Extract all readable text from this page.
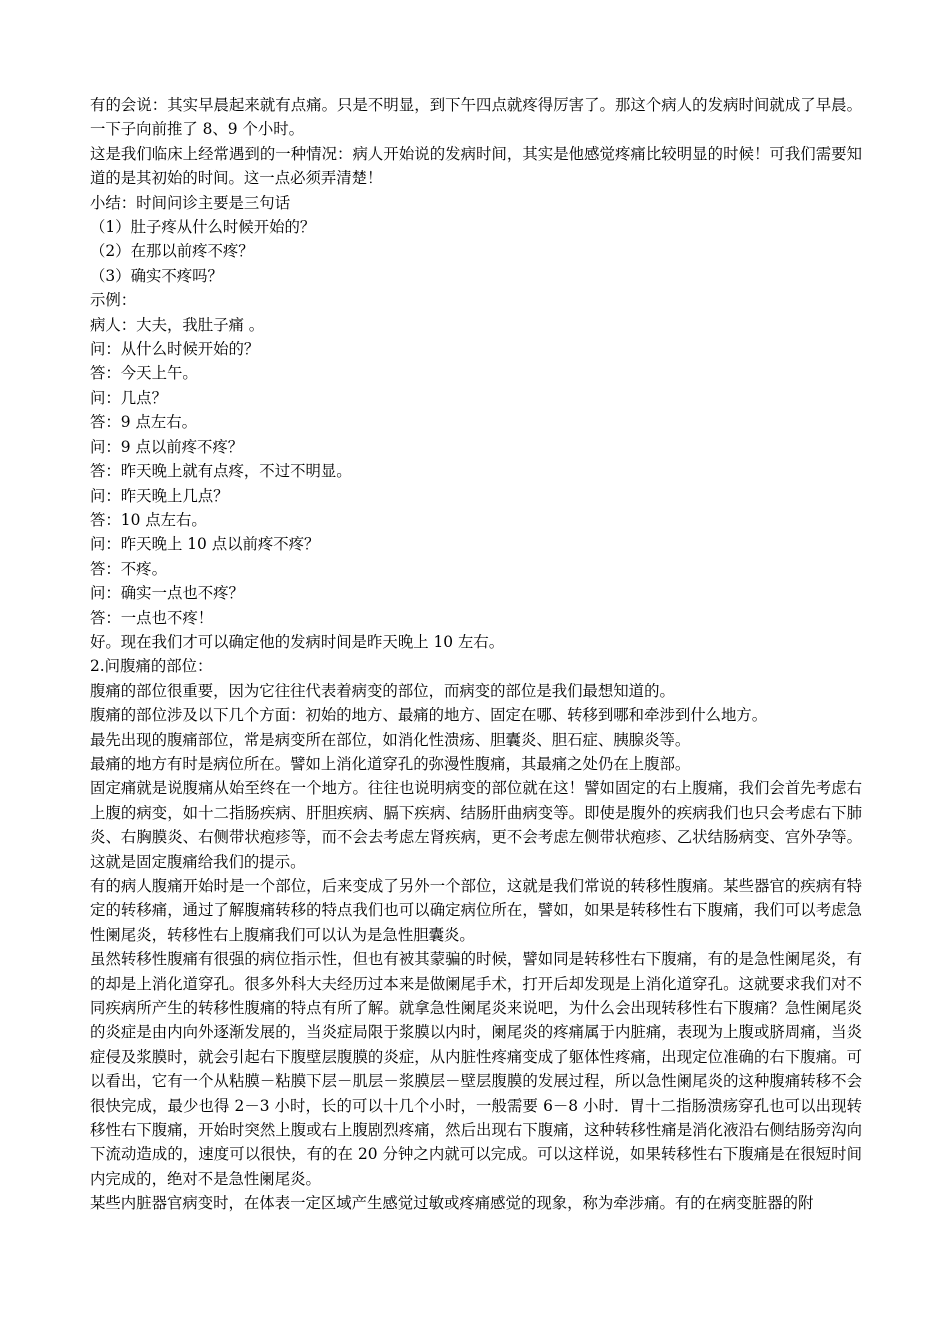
有的会说：其实早晨起来就有点痛。只是不明显，到下午四点就疼得厉害了。那这个病人的发病时间就成了早晨。一下子向前推了 8、9 个小时。

这是我们临床上经常遇到的一种情况：病人开始说的发病时间，其实是他感觉疼痛比较明显的时候！可我们需要知道的是其初始的时间。这一点必须弄清楚！

小结：时间问诊主要是三句话

（1）肚子疼从什么时候开始的？

（2）在那以前疼不疼？

（3）确实不疼吗？

示例：

病人：大夫，我肚子痛 。

问：从什么时候开始的？

答：今天上午。

问：几点？

答：9 点左右。

问：9 点以前疼不疼？

答：昨天晚上就有点疼，不过不明显。

问：昨天晚上几点？

答：10 点左右。

问：昨天晚上 10 点以前疼不疼？

答：不疼。

问：确实一点也不疼？

答：一点也不疼！

好。现在我们才可以确定他的发病时间是昨天晚上 10 左右。

2.问腹痛的部位：

腹痛的部位很重要，因为它往往代表着病变的部位，而病变的部位是我们最想知道的。

腹痛的部位涉及以下几个方面：初始的地方、最痛的地方、固定在哪、转移到哪和牵涉到什么地方。

最先出现的腹痛部位，常是病变所在部位，如消化性溃疡、胆囊炎、胆石症、胰腺炎等。

最痛的地方有时是病位所在。譬如上消化道穿孔的弥漫性腹痛，其最痛之处仍在上腹部。

固定痛就是说腹痛从始至终在一个地方。往往也说明病变的部位就在这！譬如固定的右上腹痛，我们会首先考虑右上腹的病变，如十二指肠疾病、肝胆疾病、膈下疾病、结肠肝曲病变等。即使是腹外的疾病我们也只会考虑右下肺炎、右胸膜炎、右侧带状疱疹等，而不会去考虑左肾疾病，更不会考虑左侧带状疱疹、乙状结肠病变、宫外孕等。这就是固定腹痛给我们的提示。

有的病人腹痛开始时是一个部位，后来变成了另外一个部位，这就是我们常说的转移性腹痛。某些器官的疾病有特定的转移痛，通过了解腹痛转移的特点我们也可以确定病位所在，譬如，如果是转移性右下腹痛，我们可以考虑急性阑尾炎，转移性右上腹痛我们可以认为是急性胆囊炎。

虽然转移性腹痛有很强的病位指示性，但也有被其蒙骗的时候，譬如同是转移性右下腹痛，有的是急性阑尾炎，有的却是上消化道穿孔。很多外科大夫经历过本来是做阑尾手术，打开后却发现是上消化道穿孔。这就要求我们对不同疾病所产生的转移性腹痛的特点有所了解。就拿急性阑尾炎来说吧，为什么会出现转移性右下腹痛？急性阑尾炎的炎症是由内向外逐渐发展的，当炎症局限于浆膜以内时，阑尾炎的疼痛属于内脏痛，表现为上腹或脐周痛，当炎症侵及浆膜时，就会引起右下腹壁层腹膜的炎症，从内脏性疼痛变成了躯体性疼痛，出现定位准确的右下腹痛。可以看出，它有一个从粘膜－粘膜下层－肌层－浆膜层－壁层腹膜的发展过程，所以急性阑尾炎的这种腹痛转移不会很快完成，最少也得 2－3 小时，长的可以十几个小时，一般需要 6－8 小时．胃十二指肠溃疡穿孔也可以出现转移性右下腹痛，开始时突然上腹或右上腹剧烈疼痛，然后出现右下腹痛，这种转移性痛是消化液沿右侧结肠旁沟向下流动造成的，速度可以很快，有的在 20 分钟之内就可以完成。可以这样说，如果转移性右下腹痛是在很短时间内完成的，绝对不是急性阑尾炎。

某些内脏器官病变时，在体表一定区域产生感觉过敏或疼痛感觉的现象，称为牵涉痛。有的在病变脏器的附
